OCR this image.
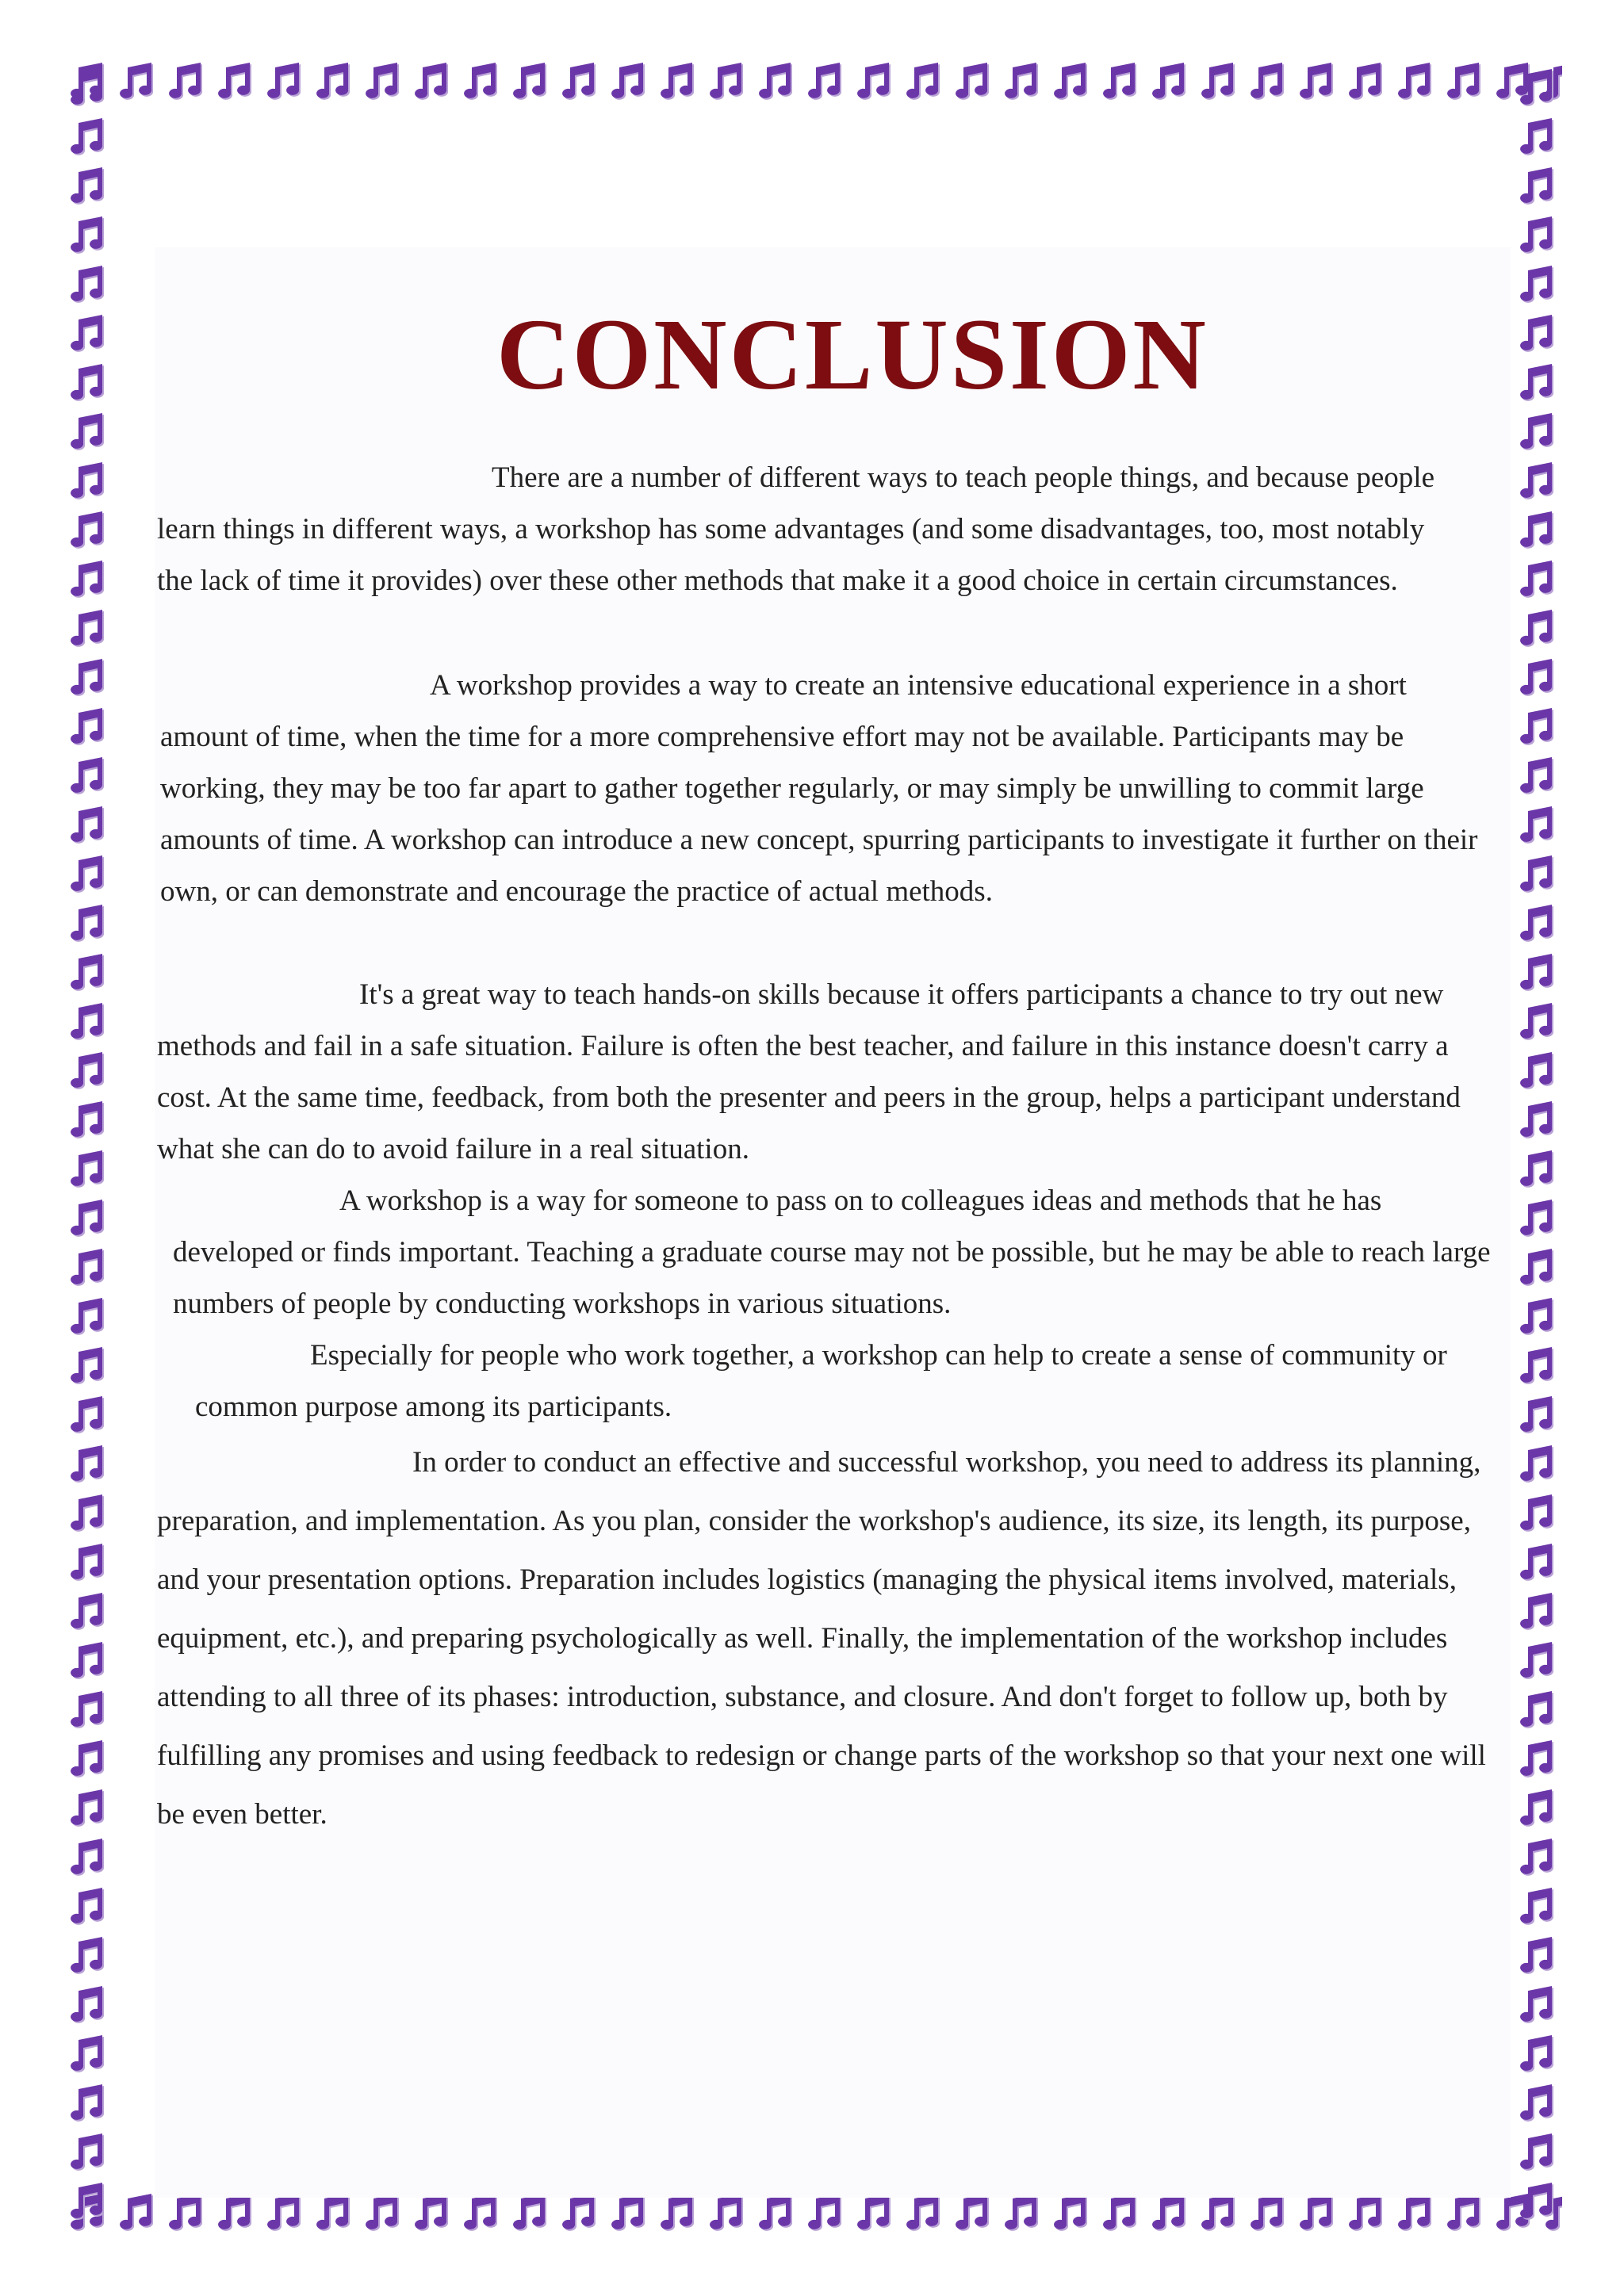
CONCLUSION

There are a number of different ways to teach people things, and because people learn things in different ways, a workshop has some advantages (and some disadvantages, too, most notably the lack of time it provides) over these other methods that make it a good choice in certain circumstances.

A workshop provides a way to create an intensive educational experience in a short amount of time, when the time for a more comprehensive effort may not be available. Participants may be working, they may be too far apart to gather together regularly, or may simply be unwilling to commit large amounts of time. A workshop can introduce a new concept, spurring participants to investigate it further on their own, or can demonstrate and encourage the practice of actual methods.

It's a great way to teach hands-on skills because it offers participants a chance to try out new methods and fail in a safe situation. Failure is often the best teacher, and failure in this instance doesn't carry a cost. At the same time, feedback, from both the presenter and peers in the group, helps a participant understand what she can do to avoid failure in a real situation.

A workshop is a way for someone to pass on to colleagues ideas and methods that he has developed or finds important. Teaching a graduate course may not be possible, but he may be able to reach large numbers of people by conducting workshops in various situations.

Especially for people who work together, a workshop can help to create a sense of community or common purpose among its participants.

In order to conduct an effective and successful workshop, you need to address its planning, preparation, and implementation. As you plan, consider the workshop's audience, its size, its length, its purpose, and your presentation options. Preparation includes logistics (managing the physical items involved, materials, equipment, etc.), and preparing psychologically as well. Finally, the implementation of the workshop includes attending to all three of its phases: introduction, substance, and closure. And don't forget to follow up, both by fulfilling any promises and using feedback to redesign or change parts of the workshop so that your next one will be even better.
